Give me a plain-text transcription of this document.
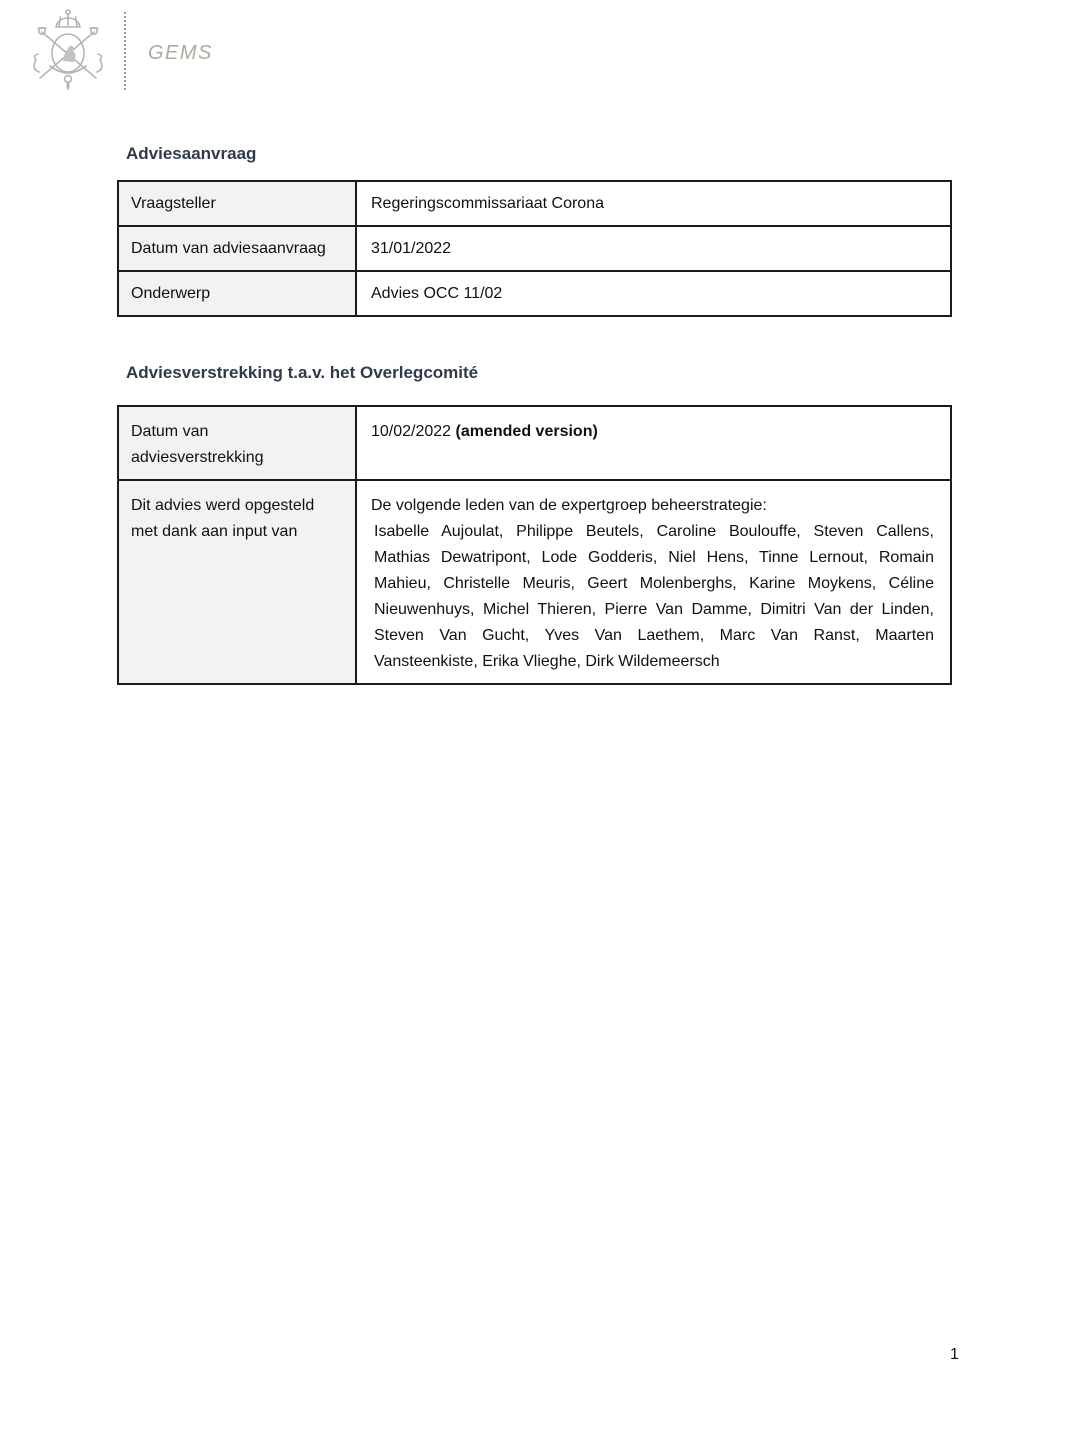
GEMS
Adviesaanvraag
Vraagsteller	Regeringscommissariaat Corona
Datum van adviesaanvraag	31/01/2022
Onderwerp	Advies OCC 11/02
Adviesverstrekking t.a.v. het Overlegcomité
Datum van adviesverstrekking	10/02/2022 (amended version)
Dit advies werd opgesteld met dank aan input van	De volgende leden van de expertgroep beheerstrategie:
Isabelle Aujoulat, Philippe Beutels, Caroline Boulouffe, Steven Callens, Mathias Dewatripont, Lode Godderis, Niel Hens, Tinne Lernout, Romain Mahieu, Christelle Meuris, Geert Molenberghs, Karine Moykens, Céline Nieuwenhuys, Michel Thieren, Pierre Van Damme, Dimitri Van der Linden, Steven Van Gucht, Yves Van Laethem, Marc Van Ranst, Maarten Vansteenkiste, Erika Vlieghe, Dirk Wildemeersch
1
